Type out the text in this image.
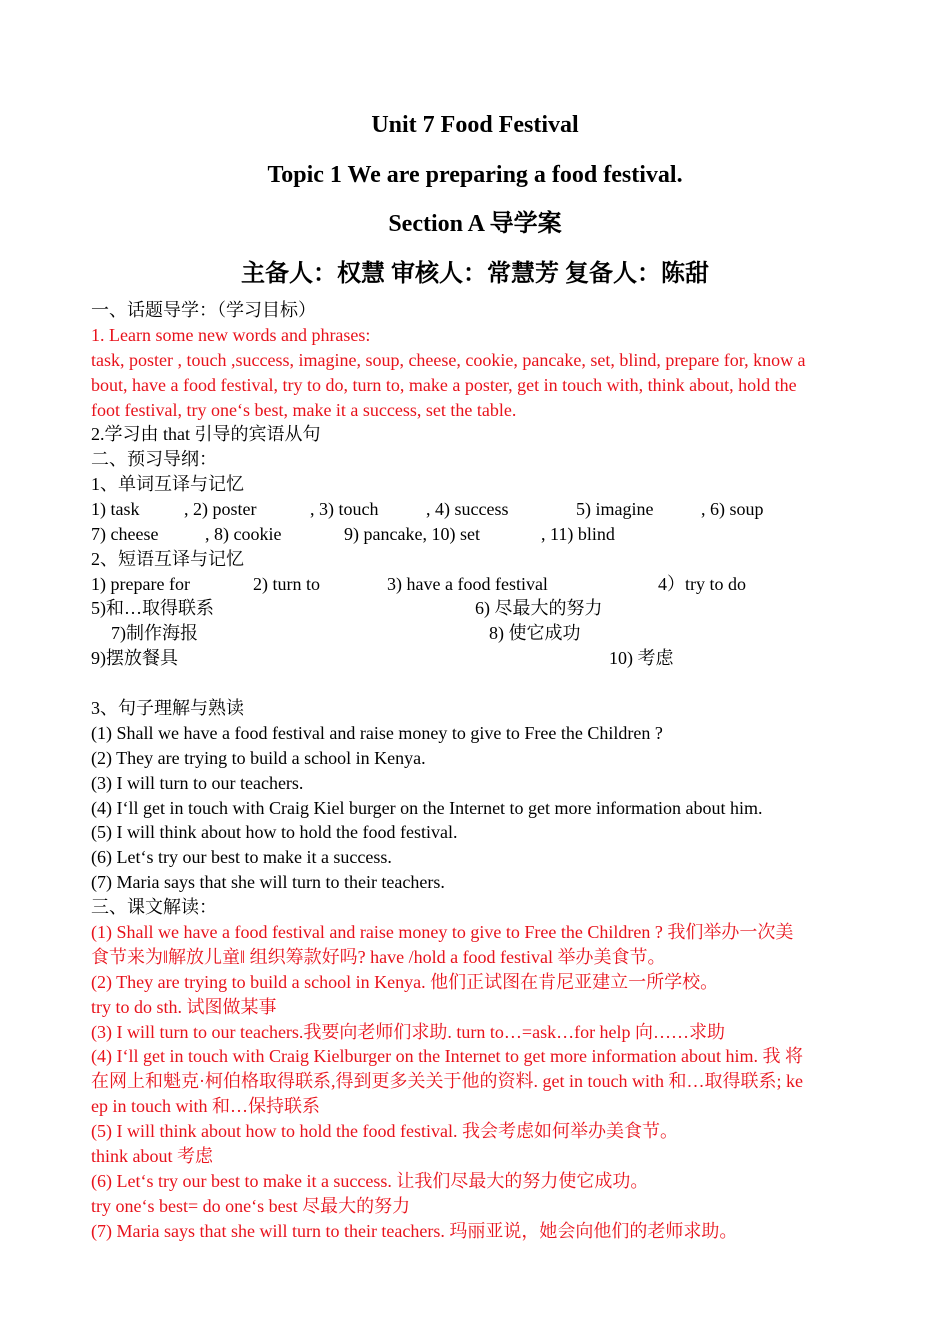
Unit 7 Food Festival
Topic 1 We are preparing a food festival.
Section A 导学案
主备人：权慧 审核人：常慧芳 复备人：陈甜
一、话题导学：（学习目标）
1. Learn some new words and phrases:
task, poster , touch ,success, imagine, soup, cheese, cookie, pancake, set, blind, prepare for, know a
bout, have a food festival, try to do, turn to, make a poster, get in touch with, think about, hold the
foot festival, try one‘s best, make it a success, set the table.
2.学习由 that 引导的宾语从句
二、预习导纲：
1、单词互译与记忆
1) task , 2) poster	, 3) touch	, 4) success	5) imagine	, 6) soup
7) cheese	, 8) cookie	9) pancake, 10) set	, 11) blind
2、短语互译与记忆
1) prepare for	2) turn to	3) have a food festival	4）try to do
5)和…取得联系	6) 尽最大的努力
7)制作海报	8) 使它成功
9)摆放餐具	10) 考虑
3、句子理解与熟读
(1) Shall we have a food festival and raise money to give to Free the Children ?
(2) They are trying to build a school in Kenya.
(3) I will turn to our teachers.
(4) I‘ll get in touch with Craig Kiel burger on the Internet to get more information about him.
(5) I will think about how to hold the food festival.
(6) Let‘s try our best to make it a success.
(7) Maria says that she will turn to their teachers.
三、课文解读：
(1) Shall we have a food festival and raise money to give to Free the Children ? 我们举办一次美
食节来为‖解放儿童‖ 组织筹款好吗? have /hold a food festival 举办美食节。
(2) They are trying to build a school in Kenya. 他们正试图在肯尼亚建立一所学校。
try to do sth. 试图做某事
(3) I will turn to our teachers.我要向老师们求助. turn to…=ask…for help 向……求助
(4) I‘ll get in touch with Craig Kielburger on the Internet to get more information about him. 我 将
在网上和魁克·柯伯格取得联系,得到更多关关于他的资料. get in touch with 和…取得联系; ke
ep in touch with 和…保持联系
(5) I will think about how to hold the food festival. 我会考虑如何举办美食节。
think about 考虑
(6) Let‘s try our best to make it a success. 让我们尽最大的努力使它成功。
try one‘s best= do one‘s best 尽最大的努力
(7) Maria says that she will turn to their teachers. 玛丽亚说，她会向他们的老师求助。
